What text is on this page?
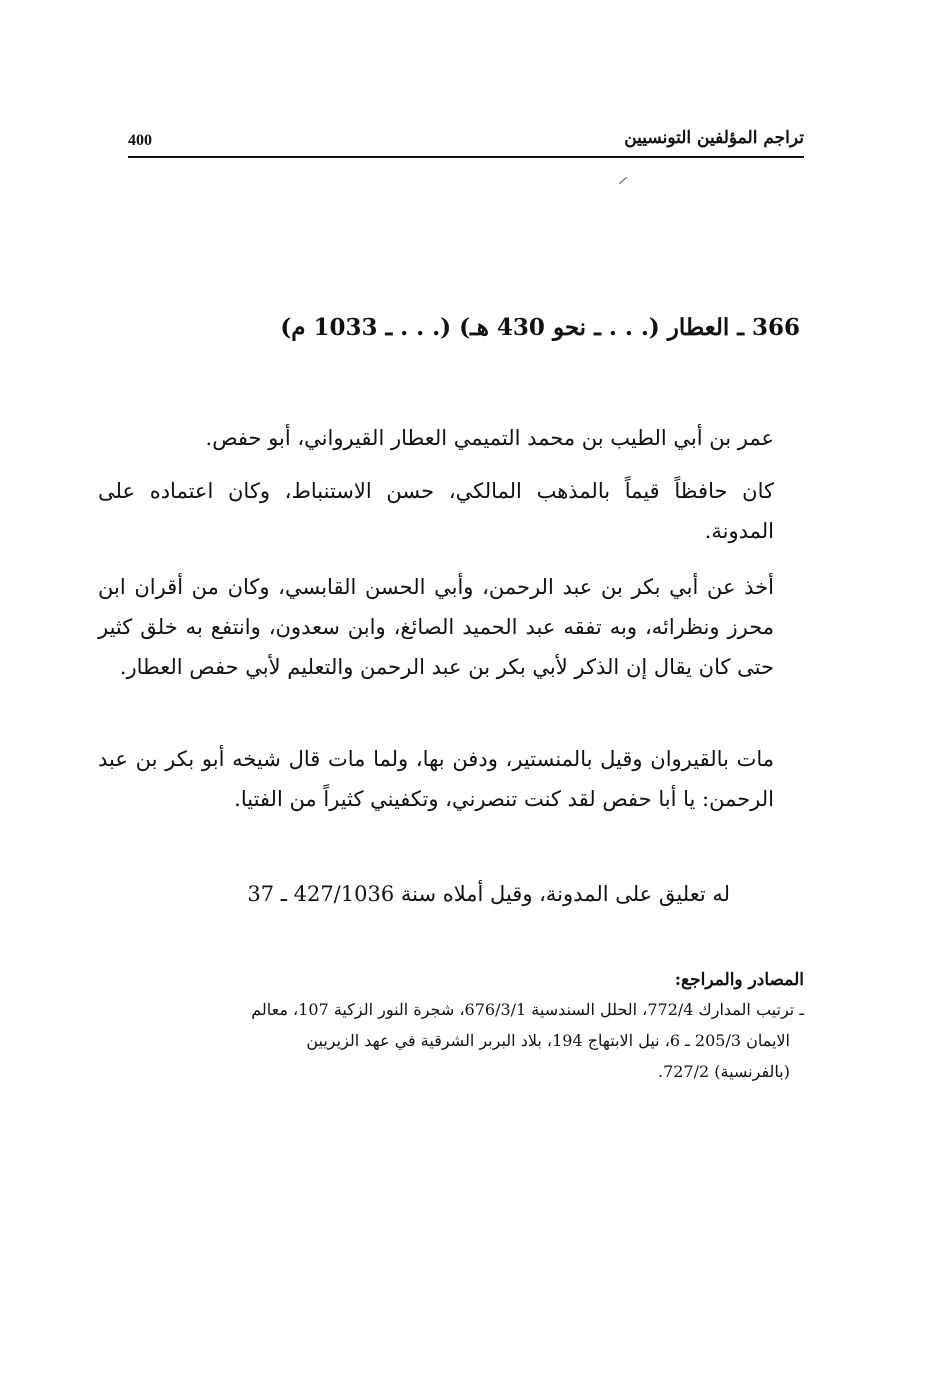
تراجم المؤلفين التونسيين
400
366 ـ العطار (. . . ـ نحو 430 هـ) (. . . ـ 1033 م)

عمر بن أبي الطيب بن محمد التميمي العطار القيرواني، أبو حفص.

كان حافظاً قيماً بالمذهب المالكي، حسن الاستنباط، وكان اعتماده على المدونة.

أخذ عن أبي بكر بن عبد الرحمن، وأبي الحسن القابسي، وكان من أقران ابن محرز ونظرائه، وبه تفقه عبد الحميد الصائغ، وابن سعدون، وانتفع به خلق كثير حتى كان يقال إن الذكر لأبي بكر بن عبد الرحمن والتعليم لأبي حفص العطار.

مات بالقيروان وقيل بالمنستير، ودفن بها، ولما مات قال شيخه أبو بكر بن عبد الرحمن: يا أبا حفص لقد كنت تنصرني، وتكفيني كثيراً من الفتيا.

له تعليق على المدونة، وقيل أملاه سنة 427/1036 ـ 37

المصادر والمراجع:
ـ ترتيب المدارك 772/4، الحلل السندسية 676/3/1، شجرة النور الزكية 107، معالم
الايمان 205/3 ـ 6، نيل الابتهاج 194، بلاد البربر الشرقية في عهد الزيريين
(بالفرنسية) 727/2.
